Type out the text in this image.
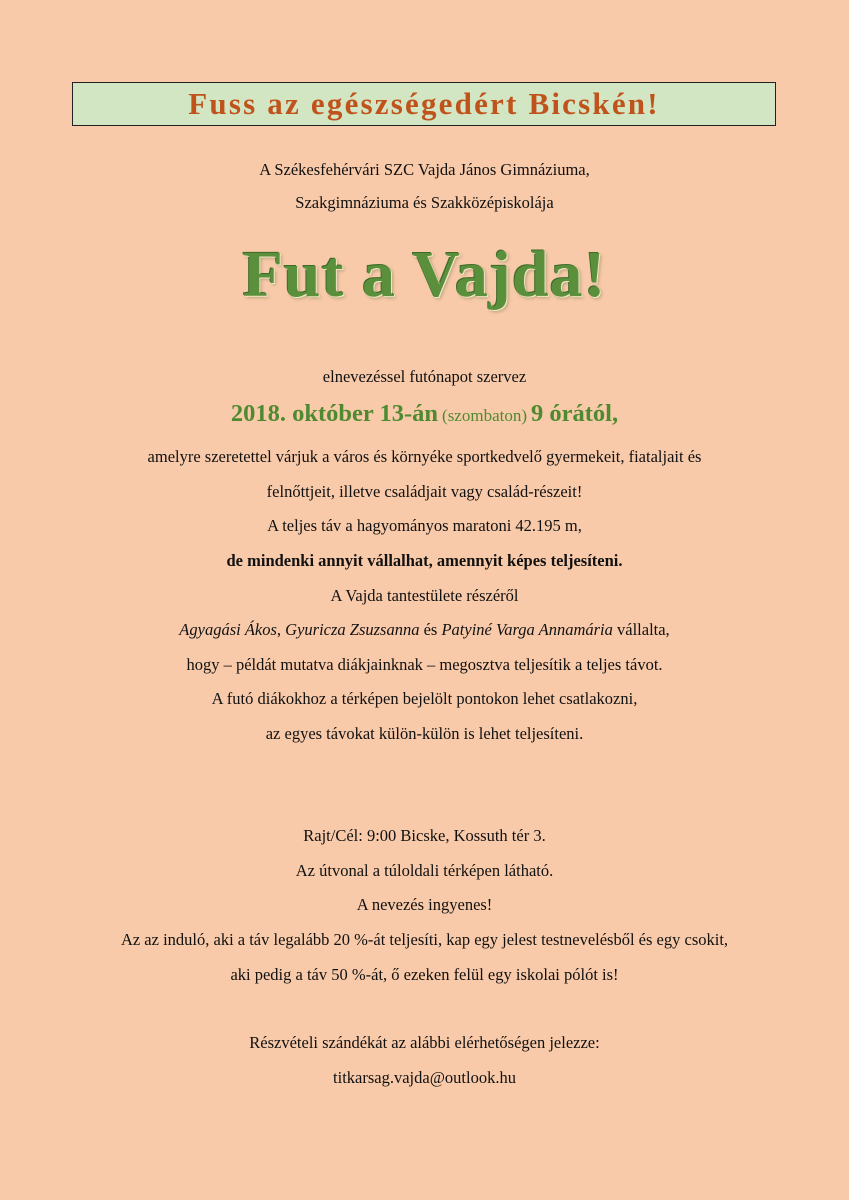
Fuss az egészségedért Bicskén!
A Székesfehérvári SZC Vajda János Gimnáziuma,
Szakgimnáziuma és Szakközépiskolája
Fut a Vajda!
elnevezéssel futónapot szervez
2018. október 13-án (szombaton) 9 órától,
amelyre szeretettel várjuk a város és környéke sportkedvelő gyermekeit, fiataljait és
felnőttjeit, illetve családjait vagy család-részeit!
A teljes táv a hagyományos maratoni 42.195 m,
de mindenki annyit vállalhat, amennyit képes teljesíteni.
A Vajda tantestülete részéről
Agyagási Ákos, Gyuricza Zsuzsanna és Patyiné Varga Annamária vállalta,
hogy – példát mutatva diákjainknak – megosztva teljesítik a teljes távot.
A futó diákokhoz a térképen bejelölt pontokon lehet csatlakozni,
az egyes távokat külön-külön is lehet teljesíteni.
Rajt/Cél: 9:00 Bicske, Kossuth tér 3.
Az útvonal a túloldali térképen látható.
A nevezés ingyenes!
Az az induló, aki a táv legalább 20 %-át teljesíti, kap egy jelest testnevelésből és egy csokit,
aki pedig a táv 50 %-át, ő ezeken felül egy iskolai pólót is!
Részvételi szándékát az alábbi elérhetőségen jelezze:
titkarsag.vajda@outlook.hu
